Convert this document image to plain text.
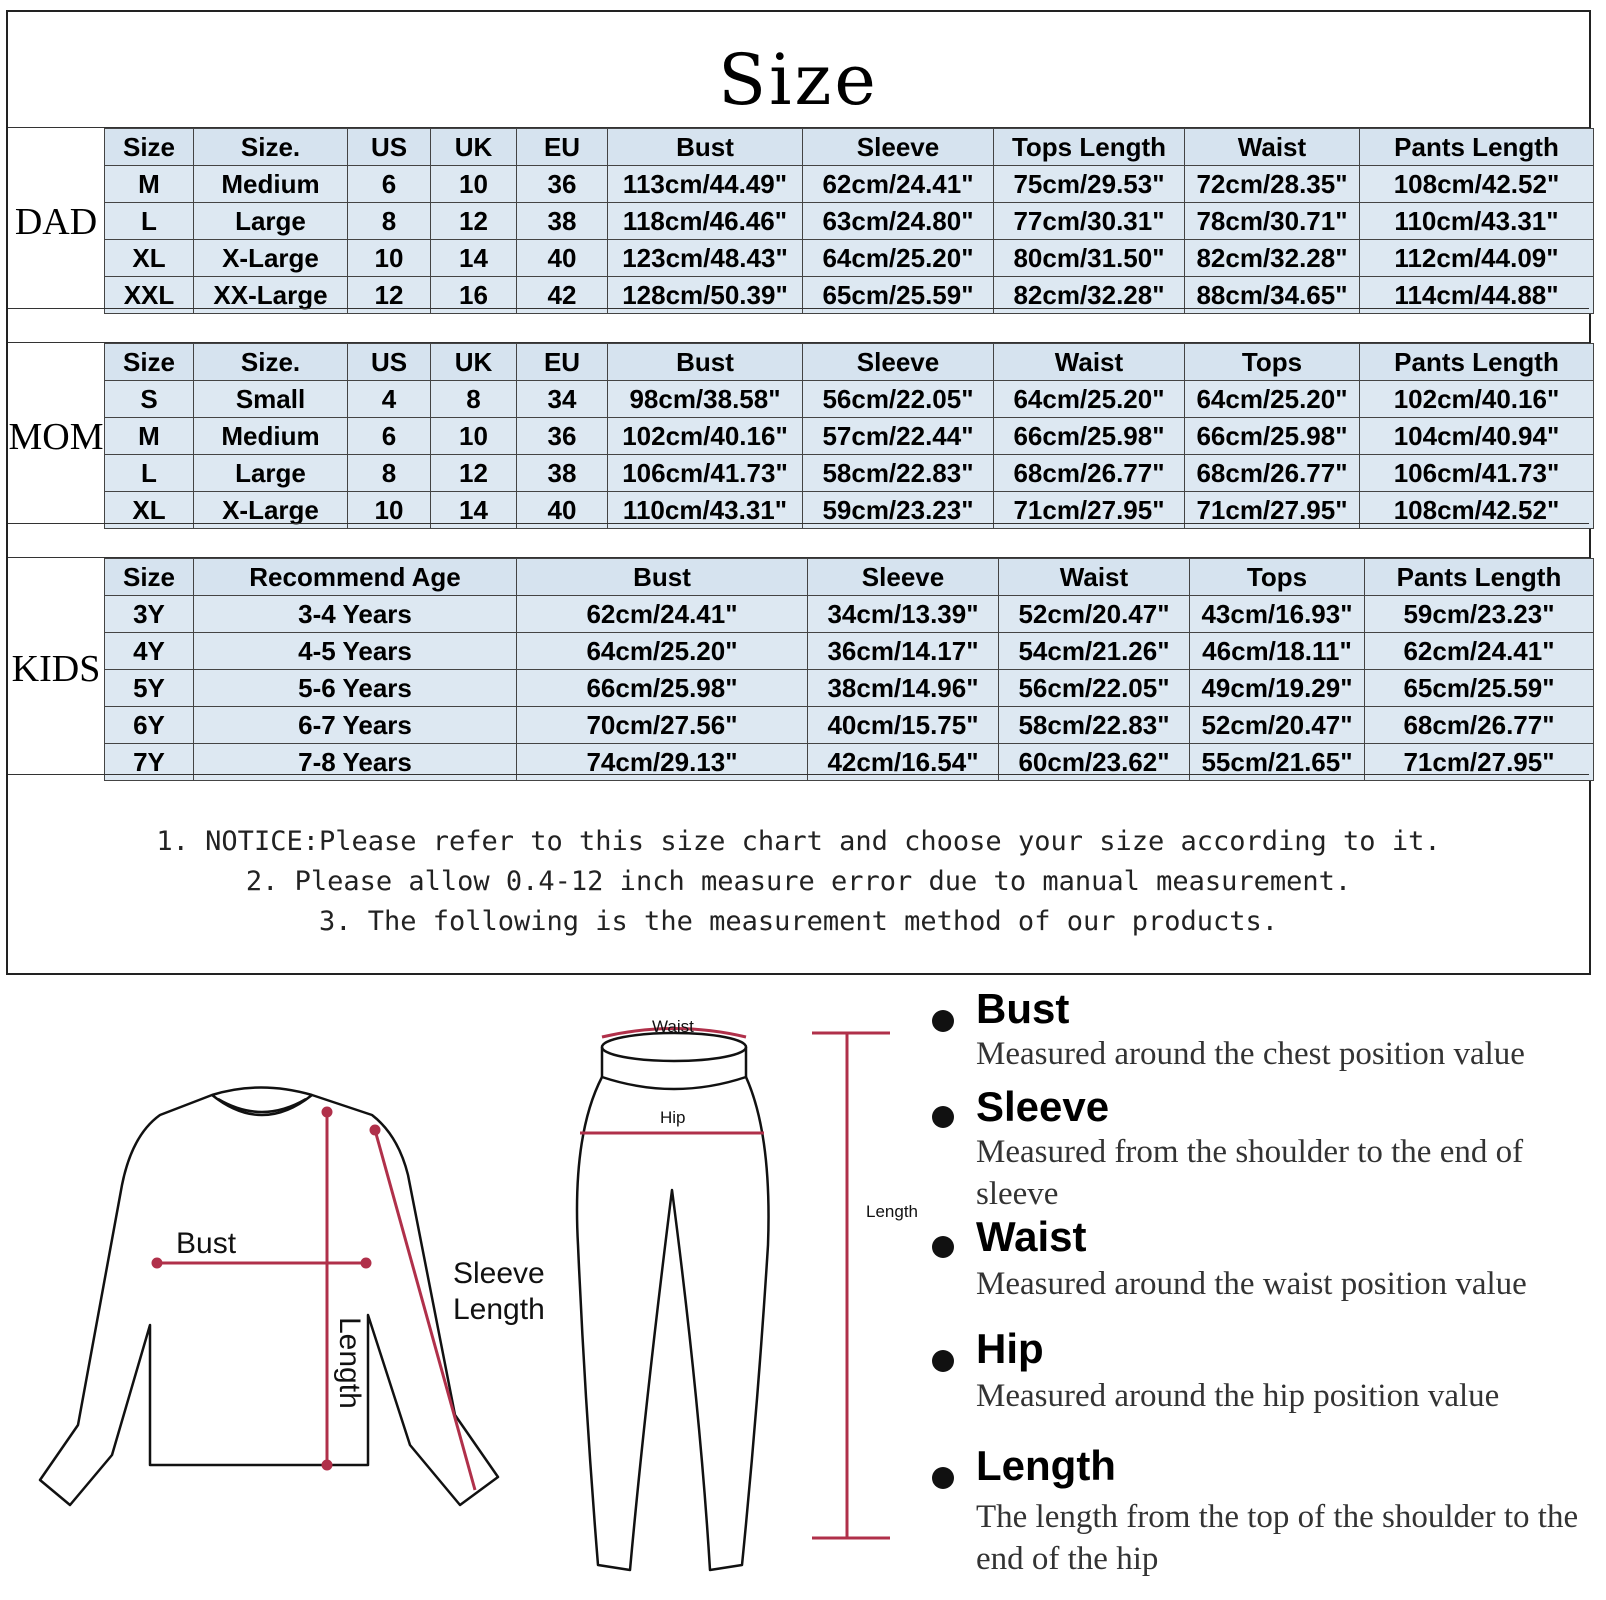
Size
DAD
Size	Size.	US	UK	EU	Bust	Sleeve	Tops Length	Waist	Pants Length
M	Medium	6	10	36	113cm/44.49"	62cm/24.41"	75cm/29.53"	72cm/28.35"	108cm/42.52"
L	Large	8	12	38	118cm/46.46"	63cm/24.80"	77cm/30.31"	78cm/30.71"	110cm/43.31"
XL	X-Large	10	14	40	123cm/48.43"	64cm/25.20"	80cm/31.50"	82cm/32.28"	112cm/44.09"
XXL	XX-Large	12	16	42	128cm/50.39"	65cm/25.59"	82cm/32.28"	88cm/34.65"	114cm/44.88"
MOM
Size	Size.	US	UK	EU	Bust	Sleeve	Waist	Tops	Pants Length
S	Small	4	8	34	98cm/38.58"	56cm/22.05"	64cm/25.20"	64cm/25.20"	102cm/40.16"
M	Medium	6	10	36	102cm/40.16"	57cm/22.44"	66cm/25.98"	66cm/25.98"	104cm/40.94"
L	Large	8	12	38	106cm/41.73"	58cm/22.83"	68cm/26.77"	68cm/26.77"	106cm/41.73"
XL	X-Large	10	14	40	110cm/43.31"	59cm/23.23"	71cm/27.95"	71cm/27.95"	108cm/42.52"
KIDS
Size	Recommend Age	Bust	Sleeve	Waist	Tops	Pants Length
3Y	3-4 Years	62cm/24.41"	34cm/13.39"	52cm/20.47"	43cm/16.93"	59cm/23.23"
4Y	4-5 Years	64cm/25.20"	36cm/14.17"	54cm/21.26"	46cm/18.11"	62cm/24.41"
5Y	5-6 Years	66cm/25.98"	38cm/14.96"	56cm/22.05"	49cm/19.29"	65cm/25.59"
6Y	6-7 Years	70cm/27.56"	40cm/15.75"	58cm/22.83"	52cm/20.47"	68cm/26.77"
7Y	7-8 Years	74cm/29.13"	42cm/16.54"	60cm/23.62"	55cm/21.65"	71cm/27.95"
1. NOTICE:Please refer to this size chart and choose your size according to it.
2. Please allow 0.4-12 inch measure error due to manual measurement.
3. The following is the measurement method of our products.
Bust
Length
Sleeve
Length
Waist
Hip
Length
Bust
Measured around the chest position value
Sleeve
Measured from the shoulder to the end of sleeve
Waist
Measured around the waist position value
Hip
Measured around the hip position value
Length
The length from the top of the shoulder to the end of the hip
